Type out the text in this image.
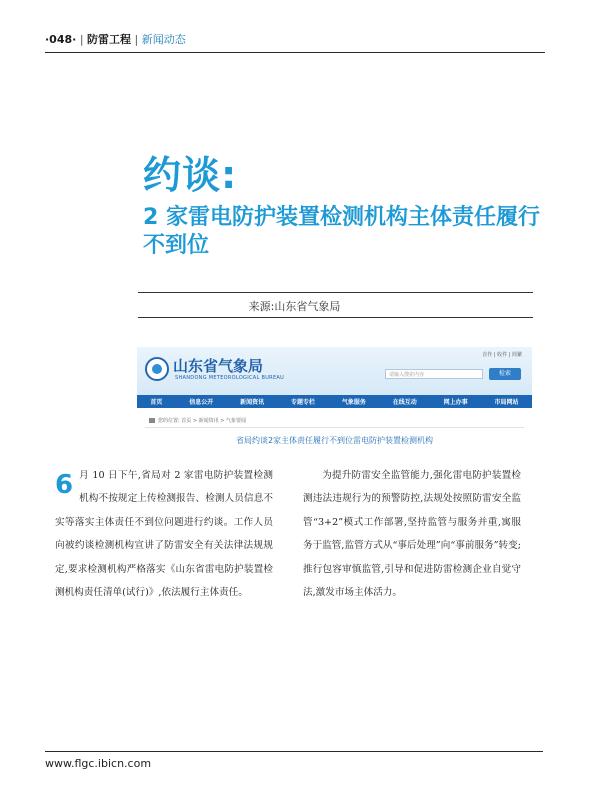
·048· | 防雷工程 | 新闻动态
约谈:
2 家雷电防护装置检测机构主体责任履行不到位
来源:山东省气象局
山东省气象局
SHANDONG METEOROLOGICAL BUREAU
首作 | 收件 | 简繁
请输入搜索内容	检索
首页	信息公开	新闻资讯	专题专栏	气象服务	在线互动	网上办事	市局网站
您的位置: 首页 > 新闻资讯 > 气象要闻
省局约谈2家主体责任履行不到位雷电防护装置检测机构
6 月 10 日下午,省局对 2 家雷电防护装置检测机构不按规定上传检测报告、检测人员信息不实等落实主体责任不到位问题进行约谈。工作人员向被约谈检测机构宣讲了防雷安全有关法律法规规定,要求检测机构严格落实《山东省雷电防护装置检测机构责任清单(试行)》,依法履行主体责任。

为提升防雷安全监管能力,强化雷电防护装置检测违法违规行为的预警防控,法规处按照防雷安全监管“3+2”模式工作部署,坚持监管与服务并重,寓服务于监管,监管方式从“事后处理”向“事前服务”转变;推行包容审慎监管,引导和促进防雷检测企业自觉守法,激发市场主体活力。

www.flgc.ibicn.com
